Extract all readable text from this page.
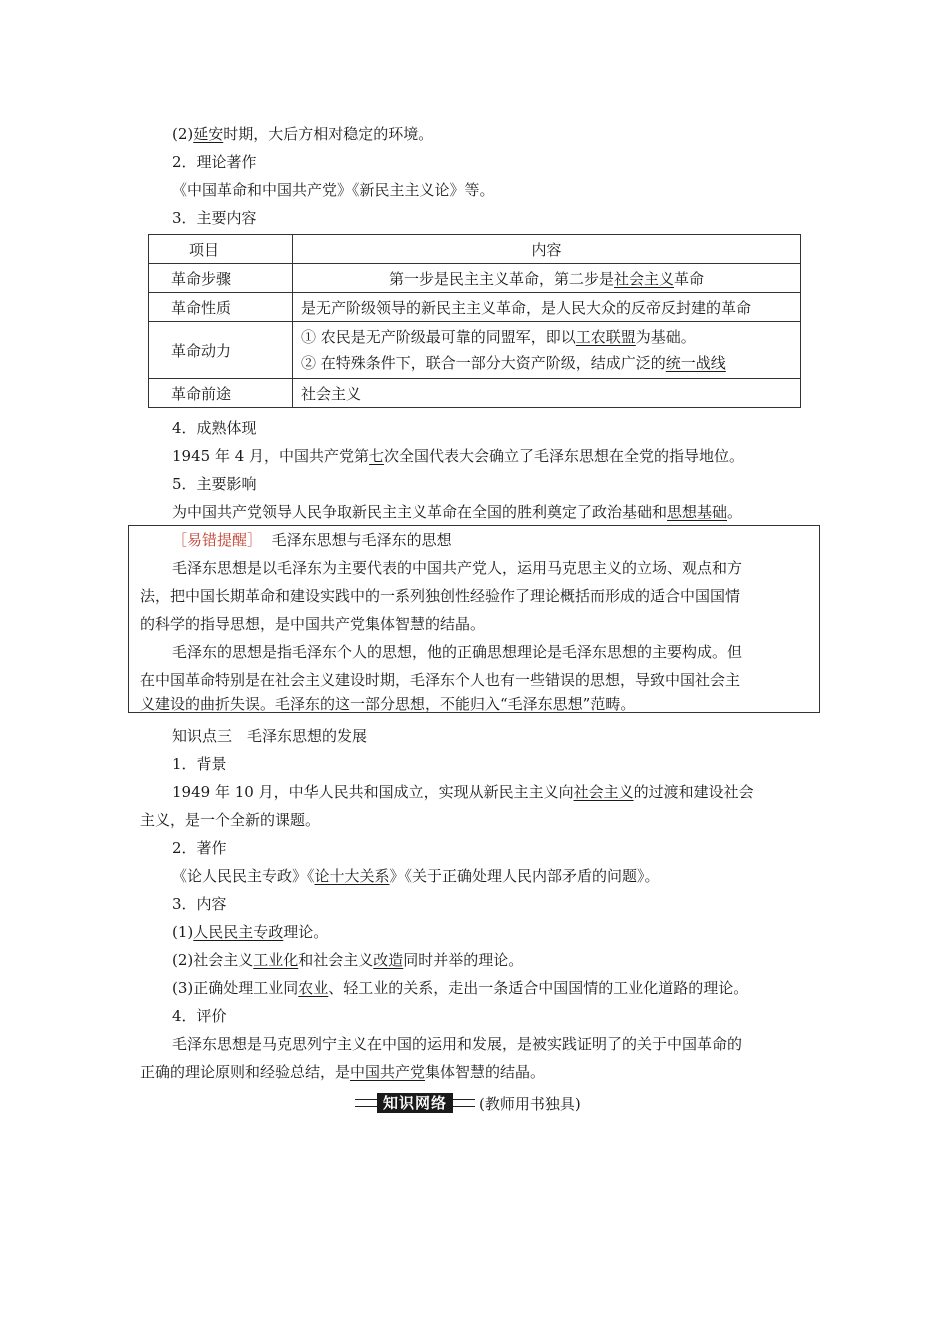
(2)延安时期，大后方相对稳定的环境。
2．理论著作
《中国革命和中国共产党》《新民主主义论》等。
3．主要内容
项目	内容
革命步骤	第一步是民主主义革命，第二步是社会主义革命
革命性质	是无产阶级领导的新民主主义革命，是人民大众的反帝反封建的革命
革命动力	① 农民是无产阶级最可靠的同盟军，即以工农联盟为基础。
② 在特殊条件下，联合一部分大资产阶级，结成广泛的统一战线

革命前途	社会主义
4．成熟体现
1945 年 4 月，中国共产党第七次全国代表大会确立了毛泽东思想在全党的指导地位。
5．主要影响
为中国共产党领导人民争取新民主主义革命在全国的胜利奠定了政治基础和思想基础。
［易错提醒］ 毛泽东思想与毛泽东的思想
毛泽东思想是以毛泽东为主要代表的中国共产党人，运用马克思主义的立场、观点和方
法，把中国长期革命和建设实践中的一系列独创性经验作了理论概括而形成的适合中国国情
的科学的指导思想，是中国共产党集体智慧的结晶。
毛泽东的思想是指毛泽东个人的思想，他的正确思想理论是毛泽东思想的主要构成。但
在中国革命特别是在社会主义建设时期，毛泽东个人也有一些错误的思想，导致中国社会主
义建设的曲折失误。毛泽东的这一部分思想，不能归入“毛泽东思想”范畴。
知识点三　毛泽东思想的发展
1．背景
1949 年 10 月，中华人民共和国成立，实现从新民主主义向社会主义的过渡和建设社会
主义，是一个全新的课题。
2．著作
《论人民民主专政》《论十大关系》《关于正确处理人民内部矛盾的问题》。
3．内容
(1)人民民主专政理论。
(2)社会主义工业化和社会主义改造同时并举的理论。
(3)正确处理工业同农业、轻工业的关系，走出一条适合中国国情的工业化道路的理论。
4．评价
毛泽东思想是马克思列宁主义在中国的运用和发展，是被实践证明了的关于中国革命的
正确的理论原则和经验总结，是中国共产党集体智慧的结晶。
知识网络	(教师用书独具)
